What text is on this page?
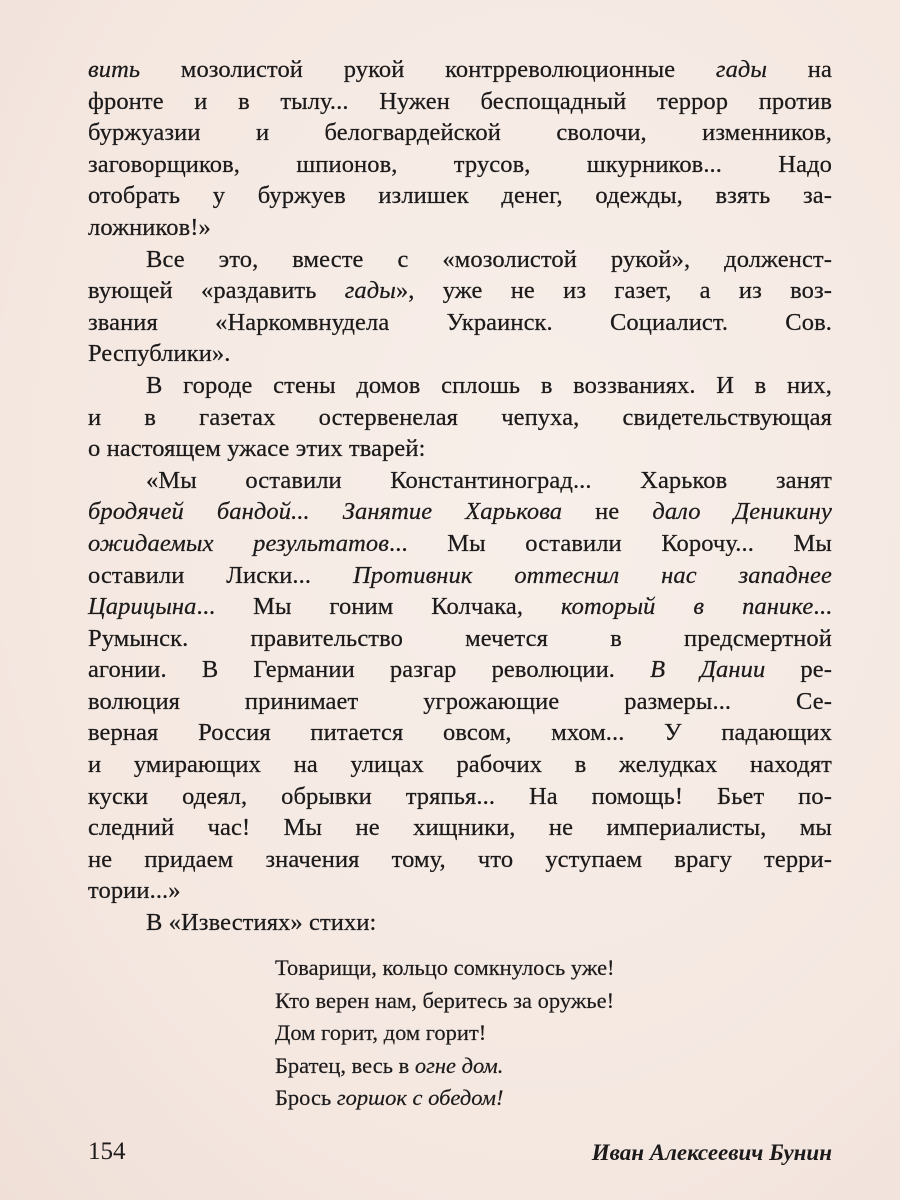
вить мозолистой рукой контрреволюционные гады на
фронте и в тылу... Нужен беспощадный террор против
буржуазии и белогвардейской сволочи, изменников,
заговорщиков, шпионов, трусов, шкурников... Надо
отобрать у буржуев излишек денег, одежды, взять за-
ложников!»
Все это, вместе с «мозолистой рукой», долженст-
вующей «раздавить гады», уже не из газет, а из воз-
звания «Наркомвнудела Украинск. Социалист. Сов.
Республики».
В городе стены домов сплошь в воззваниях. И в них,
и в газетах остервенелая чепуха, свидетельствующая
о настоящем ужасе этих тварей:
«Мы оставили Константиноград... Харьков занят
бродячей бандой... Занятие Харькова не дало Деникину
ожидаемых результатов... Мы оставили Корочу... Мы
оставили Лиски... Противник оттеснил нас западнее
Царицына... Мы гоним Колчака, который в панике...
Румынск. правительство мечется в предсмертной
агонии. В Германии разгар революции. В Дании ре-
волюция принимает угрожающие размеры... Се-
верная Россия питается овсом, мхом... У падающих
и умирающих на улицах рабочих в желудках находят
куски одеял, обрывки тряпья... На помощь! Бьет по-
следний час! Мы не хищники, не империалисты, мы
не придаем значения тому, что уступаем врагу терри-
тории...»
В «Известиях» стихи:
Товарищи, кольцо сомкнулось уже!
Кто верен нам, беритесь за оружье!
Дом горит, дом горит!
Братец, весь в огне дом.
Брось горшок с обедом!
154	Иван Алексеевич Бунин
